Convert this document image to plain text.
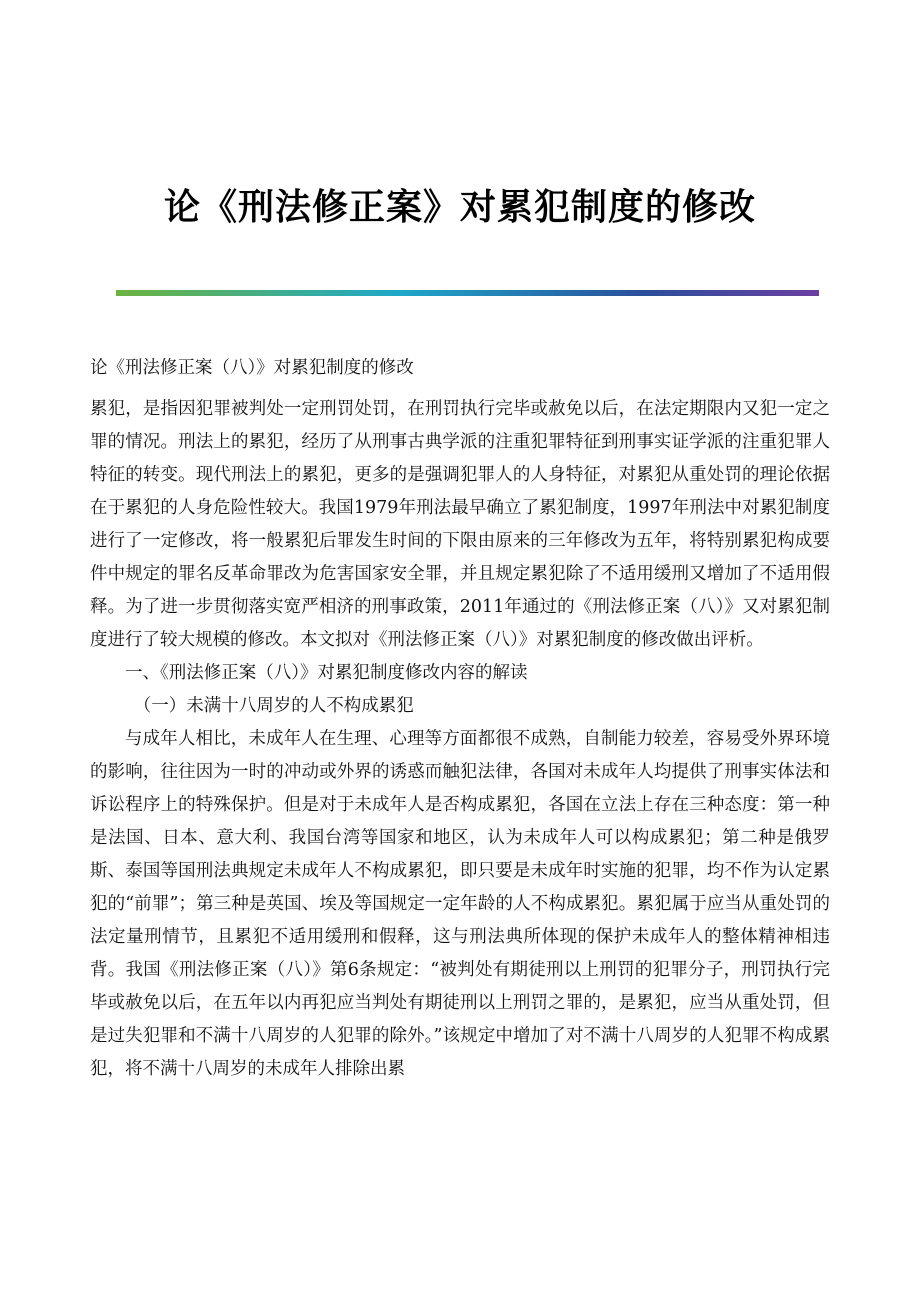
论《刑法修正案》对累犯制度的修改

论《刑法修正案（八）》对累犯制度的修改

累犯，是指因犯罪被判处一定刑罚处罚，在刑罚执行完毕或赦免以后，在法定期限内又犯一定之罪的情况。刑法上的累犯，经历了从刑事古典学派的注重犯罪特征到刑事实证学派的注重犯罪人特征的转变。现代刑法上的累犯，更多的是强调犯罪人的人身特征，对累犯从重处罚的理论依据在于累犯的人身危险性较大。我国1979年刑法最早确立了累犯制度，1997年刑法中对累犯制度进行了一定修改，将一般累犯后罪发生时间的下限由原来的三年修改为五年，将特别累犯构成要件中规定的罪名反革命罪改为危害国家安全罪，并且规定累犯除了不适用缓刑又增加了不适用假释。为了进一步贯彻落实宽严相济的刑事政策，2011年通过的《刑法修正案（八）》又对累犯制度进行了较大规模的修改。本文拟对《刑法修正案（八）》对累犯制度的修改做出评析。

一、《刑法修正案（八）》对累犯制度修改内容的解读

（一）未满十八周岁的人不构成累犯

与成年人相比，未成年人在生理、心理等方面都很不成熟，自制能力较差，容易受外界环境的影响，往往因为一时的冲动或外界的诱惑而触犯法律，各国对未成年人均提供了刑事实体法和诉讼程序上的特殊保护。但是对于未成年人是否构成累犯，各国在立法上存在三种态度：第一种是法国、日本、意大利、我国台湾等国家和地区，认为未成年人可以构成累犯；第二种是俄罗斯、泰国等国刑法典规定未成年人不构成累犯，即只要是未成年时实施的犯罪，均不作为认定累犯的“前罪”；第三种是英国、埃及等国规定一定年龄的人不构成累犯。累犯属于应当从重处罚的法定量刑情节，且累犯不适用缓刑和假释，这与刑法典所体现的保护未成年人的整体精神相违背。我国《刑法修正案（八）》第6条规定：“被判处有期徒刑以上刑罚的犯罪分子，刑罚执行完毕或赦免以后，在五年以内再犯应当判处有期徒刑以上刑罚之罪的，是累犯，应当从重处罚，但是过失犯罪和不满十八周岁的人犯罪的除外。”该规定中增加了对不满十八周岁的人犯罪不构成累犯，将不满十八周岁的未成年人排除出累
